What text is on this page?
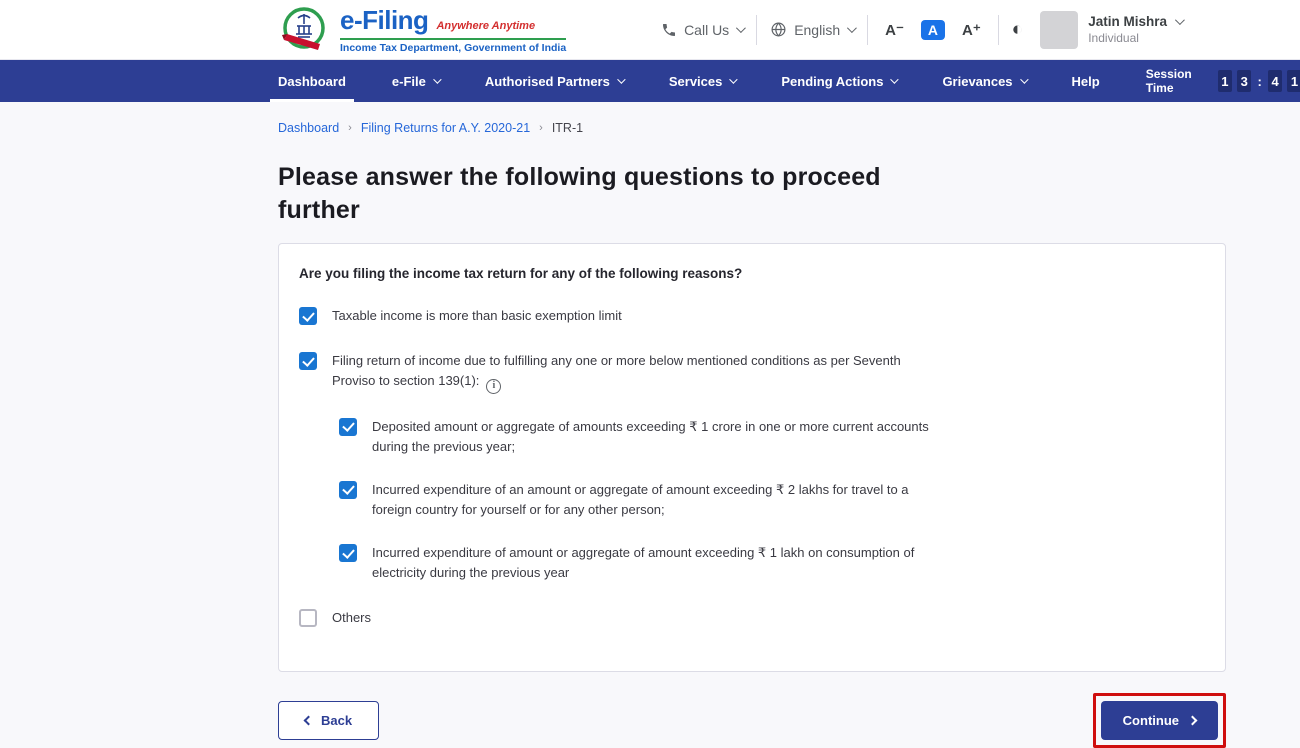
e-Filing Anywhere Anytime
Income Tax Department, Government of India
Call Us	English	A⁻	A	A⁺ ◐	Jatin Mishra
Individual
Dashboard	e-File	Authorised Partners	Services	Pending Actions	Grievances	Help	Session Time	1 3 : 4 1
Dashboard › Filing Returns for A.Y. 2020-21 › ITR-1
Please answer the following questions to proceed further
Are you filing the income tax return for any of the following reasons?
Taxable income is more than basic exemption limit
Filing return of income due to fulfilling any one or more below mentioned conditions as per Seventh Proviso to section 139(1):i
Deposited amount or aggregate of amounts exceeding ₹ 1 crore in one or more current accounts during the previous year;
Incurred expenditure of an amount or aggregate of amount exceeding ₹ 2 lakhs for travel to a foreign country for yourself or for any other person;
Incurred expenditure of amount or aggregate of amount exceeding ₹ 1 lakh on consumption of electricity during the previous year
Others
Back	Continue
